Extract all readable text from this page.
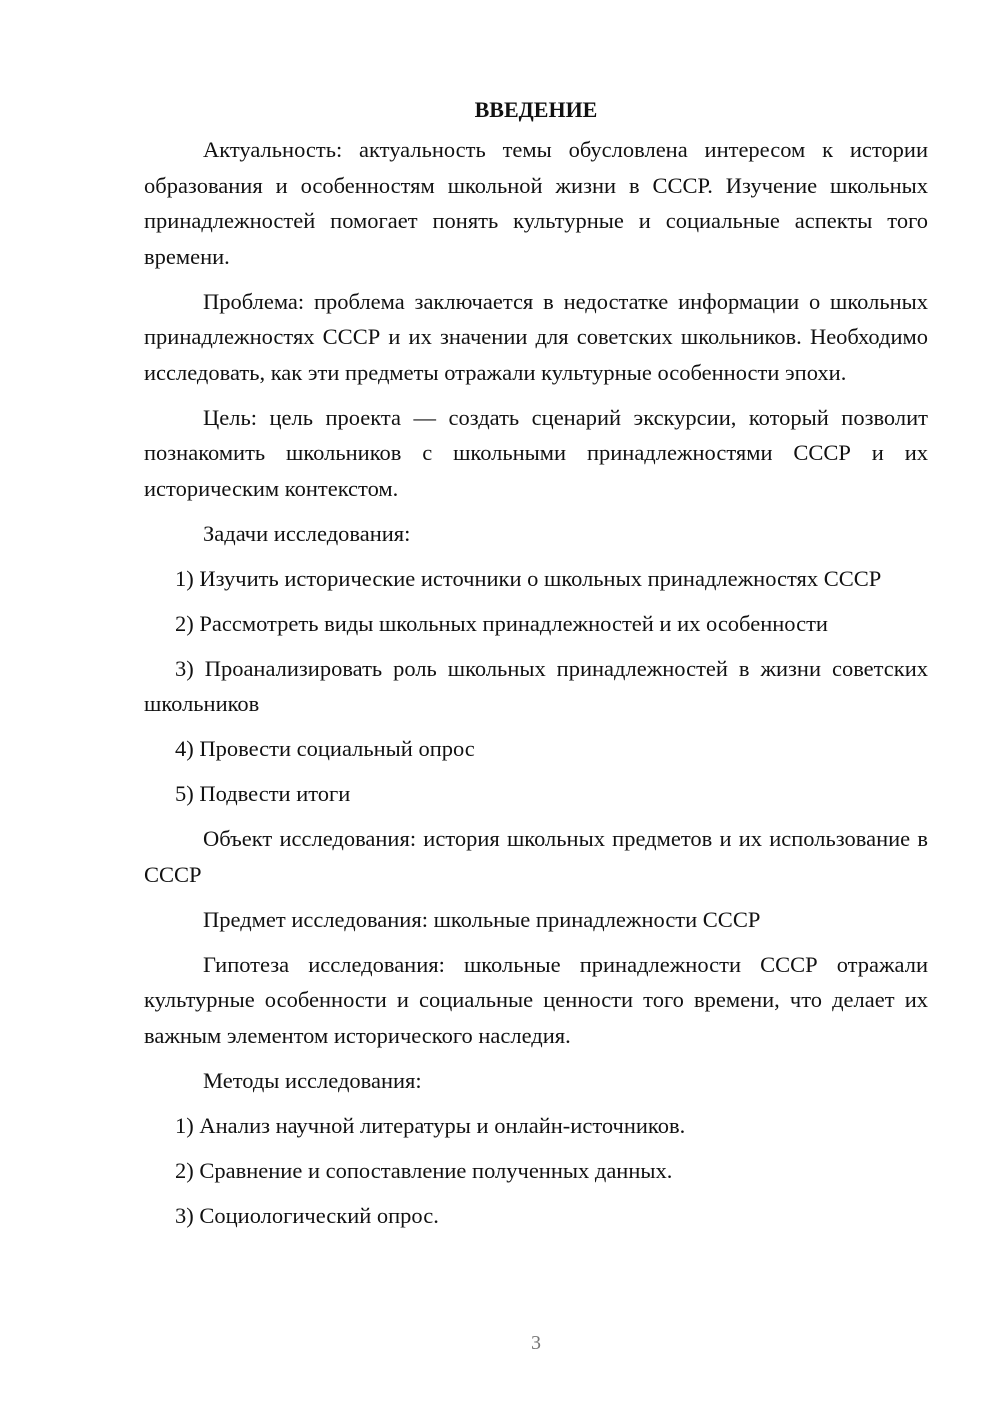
ВВЕДЕНИЕ

Актуальность: актуальность темы обусловлена интересом к истории образования и особенностям школьной жизни в СССР. Изучение школьных принадлежностей помогает понять культурные и социальные аспекты того времени.

Проблема: проблема заключается в недостатке информации о школьных принадлежностях СССР и их значении для советских школьников. Необходимо исследовать, как эти предметы отражали культурные особенности эпохи.

Цель: цель проекта — создать сценарий экскурсии, который позволит познакомить школьников с школьными принадлежностями СССР и их историческим контекстом.

Задачи исследования:

1) Изучить исторические источники о школьных принадлежностях СССР

2) Рассмотреть виды школьных принадлежностей и их особенности

3) Проанализировать роль школьных принадлежностей в жизни советских школьников

4) Провести социальный опрос

5) Подвести итоги

Объект исследования: история школьных предметов и их использование в СССР

Предмет исследования: школьные принадлежности СССР

Гипотеза исследования: школьные принадлежности СССР отражали культурные особенности и социальные ценности того времени, что делает их важным элементом исторического наследия.

Методы исследования:

1) Анализ научной литературы и онлайн-источников.

2) Сравнение и сопоставление полученных данных.

3) Социологический опрос.

3
